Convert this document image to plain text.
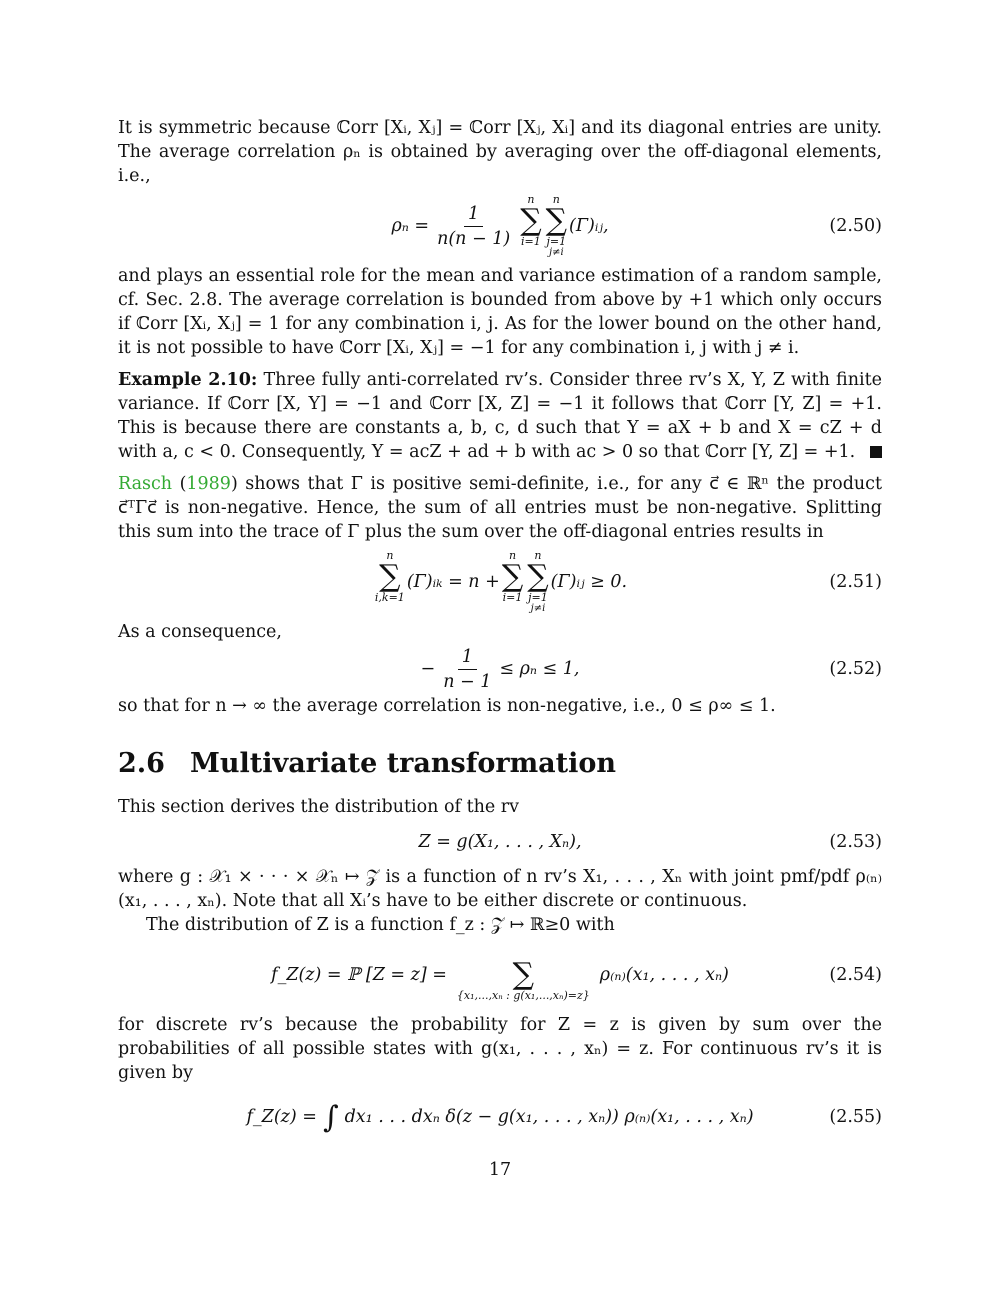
It is symmetric because ℂorr [Xᵢ, Xⱼ] = ℂorr [Xⱼ, Xᵢ] and its diagonal entries are unity. The average correlation ρₙ is obtained by averaging over the off-diagonal elements, i.e.,

$\rho_n = \frac{1}{n(n - 1)}$
n
∑
i=1

n
∑
j=1
j≠i
(Γ)ᵢⱼ,	(2.50)

and plays an essential role for the mean and variance estimation of a random sample, cf. Sec. 2.8. The average correlation is bounded from above by +1 which only occurs if ℂorr [Xᵢ, Xⱼ] = 1 for any combination i, j. As for the lower bound on the other hand, it is not possible to have ℂorr [Xᵢ, Xⱼ] = −1 for any combination i, j with j ≠ i.

Example 2.10: Three fully anti-correlated rv’s. Consider three rv’s X, Y, Z with finite variance. If ℂorr [X, Y] = −1 and ℂorr [X, Z] = −1 it follows that ℂorr [Y, Z] = +1. This is because there are constants a, b, c, d such that Y = aX + b and X = cZ + d with a, c < 0. Consequently, Y = acZ + ad + b with ac > 0 so that ℂorr [Y, Z] = +1.

Rasch (1989) shows that Γ is positive semi-definite, i.e., for any c⃗ ∈ ℝⁿ the product c⃗ᵀΓc⃗ is non-negative. Hence, the sum of all entries must be non-negative. Splitting this sum into the trace of Γ plus the sum over the off-diagonal entries results in

n
∑
i,k=1

(Γ)ᵢₖ = n +
n
∑
i=1

n
∑
j=1
j≠i
(Γ)ᵢⱼ ≥ 0.	(2.51)

As a consequence,

− $\frac{1}{n - 1} \le \rho_n \le 1$,	(2.52)

so that for n → ∞ the average correlation is non-negative, i.e., 0 ≤ ρ∞ ≤ 1.

2.6 Multivariate transformation

This section derives the distribution of the rv

Z = g(X₁, . . . , Xₙ),	(2.53)

where g : 𝒳₁ × · · · × 𝒳ₙ ↦ 𝒵 is a function of n rv’s X₁, . . . , Xₙ with joint pmf/pdf ρ₍ₙ₎(x₁, . . . , xₙ). Note that all Xᵢ’s have to be either discrete or continuous.

The distribution of Z is a function f_z : 𝒵 ↦ ℝ≥0 with

f_Z(z) = ℙ [Z = z] =
∑
{x₁,...,xₙ : g(x₁,...,xₙ)=z}
ρ₍ₙ₎(x₁, . . . , xₙ)	(2.54)

for discrete rv’s because the probability for Z = z is given by sum over the probabilities of all possible states with g(x₁, . . . , xₙ) = z. For continuous rv’s it is given by

f_Z(z) = ∫ dx₁ . . . dxₙ δ(z − g(x₁, . . . , xₙ)) ρ₍ₙ₎(x₁, . . . , xₙ)	(2.55)
17
